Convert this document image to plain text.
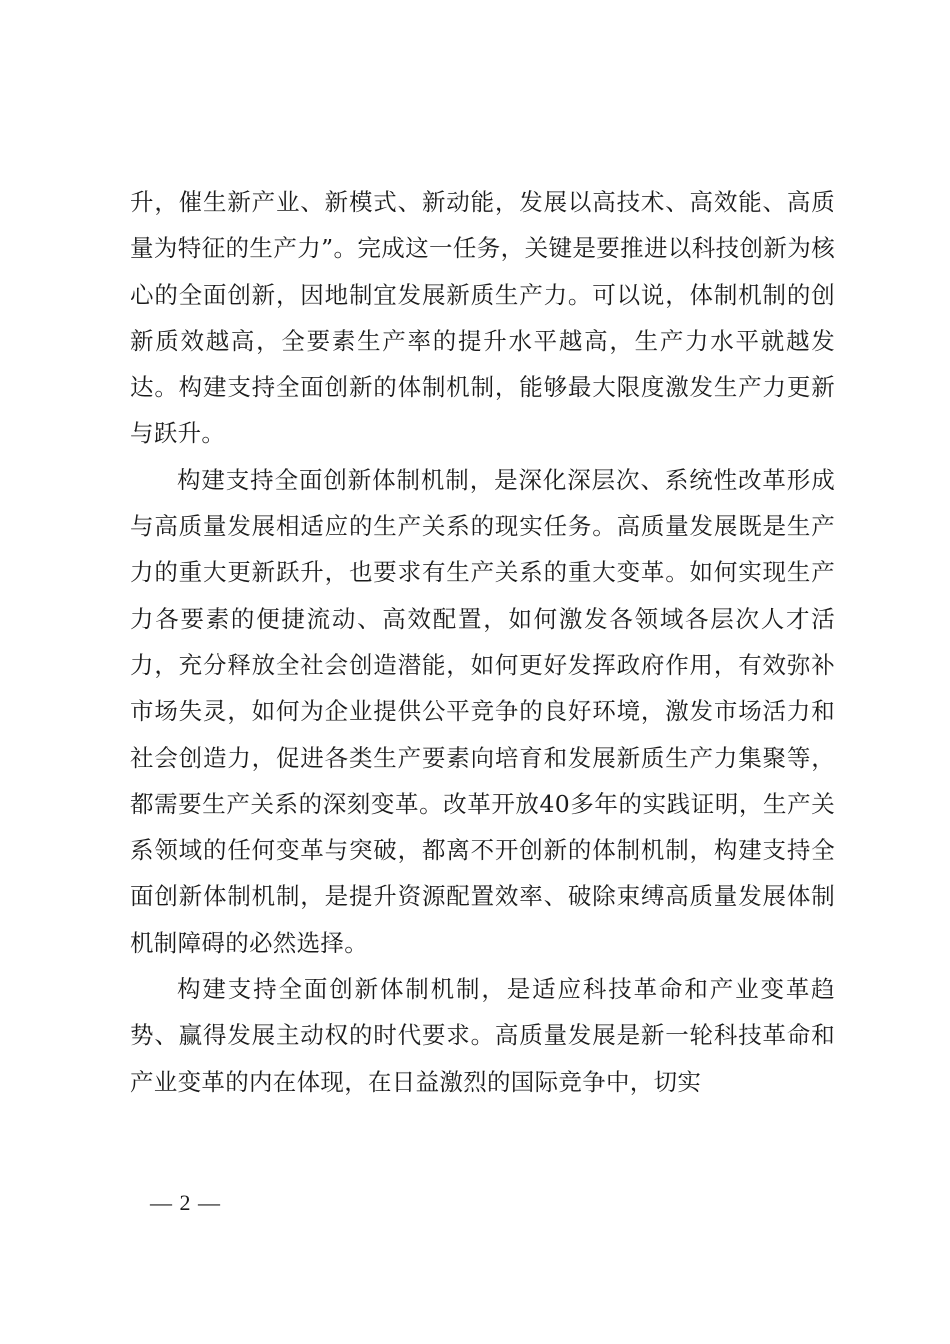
升，催生新产业、新模式、新动能，发展以高技术、高效能、高质量为特征的生产力”。完成这一任务，关键是要推进以科技创新为核心的全面创新，因地制宜发展新质生产力。可以说，体制机制的创新质效越高，全要素生产率的提升水平越高，生产力水平就越发达。构建支持全面创新的体制机制，能够最大限度激发生产力更新与跃升。

构建支持全面创新体制机制，是深化深层次、系统性改革形成与高质量发展相适应的生产关系的现实任务。高质量发展既是生产力的重大更新跃升，也要求有生产关系的重大变革。如何实现生产力各要素的便捷流动、高效配置，如何激发各领域各层次人才活力，充分释放全社会创造潜能，如何更好发挥政府作用，有效弥补市场失灵，如何为企业提供公平竞争的良好环境，激发市场活力和社会创造力，促进各类生产要素向培育和发展新质生产力集聚等，都需要生产关系的深刻变革。改革开放40多年的实践证明，生产关系领域的任何变革与突破，都离不开创新的体制机制，构建支持全面创新体制机制，是提升资源配置效率、破除束缚高质量发展体制机制障碍的必然选择。

构建支持全面创新体制机制，是适应科技革命和产业变革趋势、赢得发展主动权的时代要求。高质量发展是新一轮科技革命和产业变革的内在体现，在日益激烈的国际竞争中，切实

— 2 —
